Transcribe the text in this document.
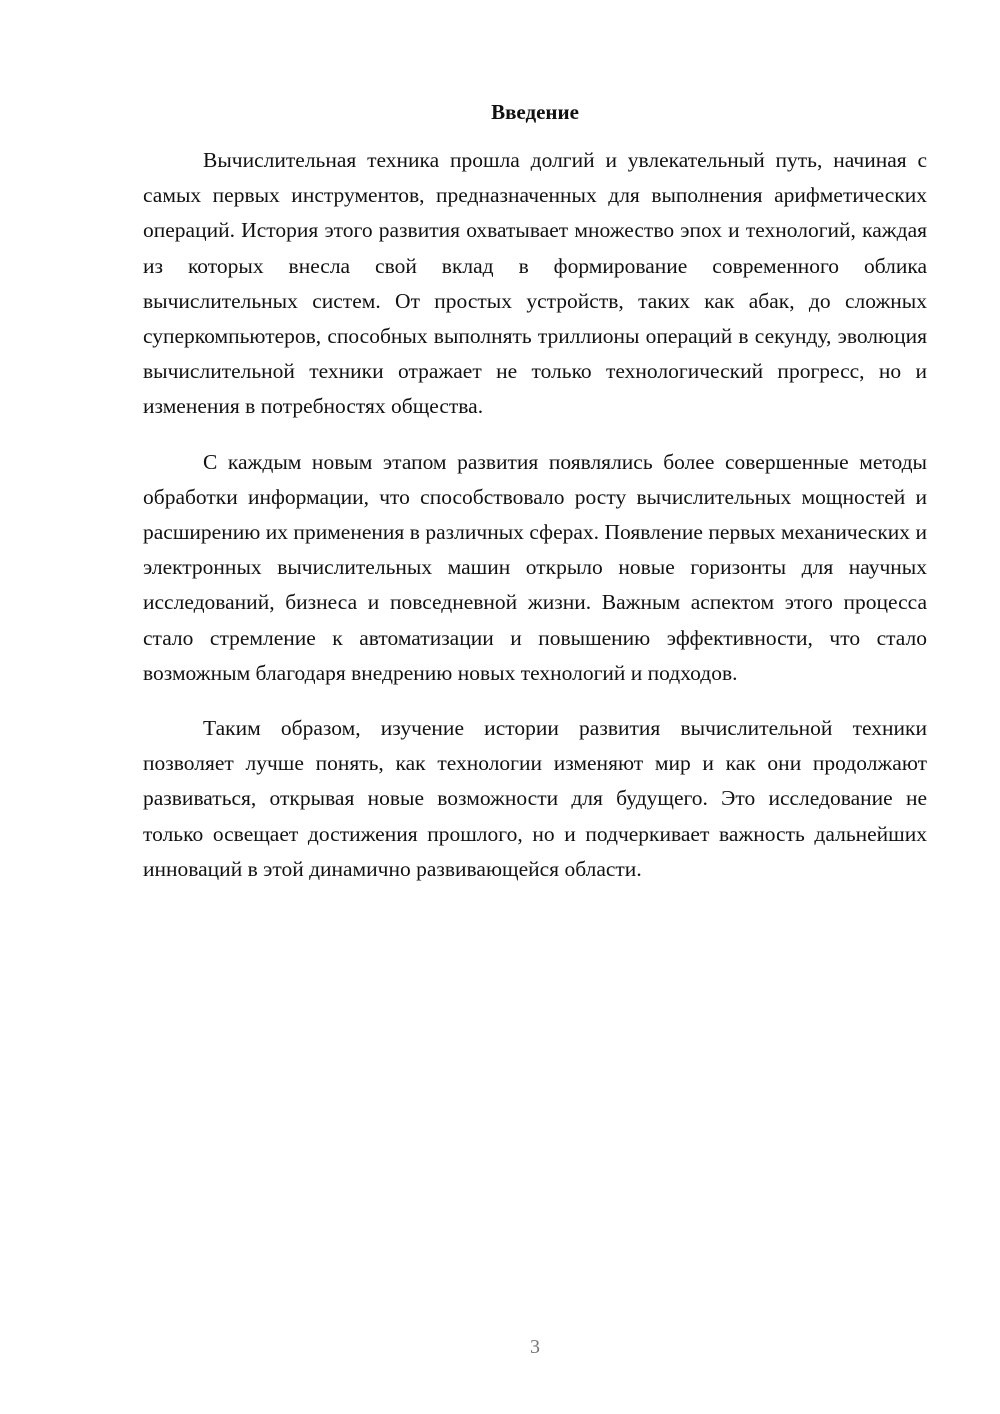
Введение

Вычислительная техника прошла долгий и увлекательный путь, начиная с самых первых инструментов, предназначенных для выполнения арифметических операций. История этого развития охватывает множество эпох и технологий, каждая из которых внесла свой вклад в формирование современного облика вычислительных систем. От простых устройств, таких как абак, до сложных суперкомпьютеров, способных выполнять триллионы операций в секунду, эволюция вычислительной техники отражает не только технологический прогресс, но и изменения в потребностях общества.

С каждым новым этапом развития появлялись более совершенные методы обработки информации, что способствовало росту вычислительных мощностей и расширению их применения в различных сферах. Появление первых механических и электронных вычислительных машин открыло новые горизонты для научных исследований, бизнеса и повседневной жизни. Важным аспектом этого процесса стало стремление к автоматизации и повышению эффективности, что стало возможным благодаря внедрению новых технологий и подходов.

Таким образом, изучение истории развития вычислительной техники позволяет лучше понять, как технологии изменяют мир и как они продолжают развиваться, открывая новые возможности для будущего. Это исследование не только освещает достижения прошлого, но и подчеркивает важность дальнейших инноваций в этой динамично развивающейся области.

3
